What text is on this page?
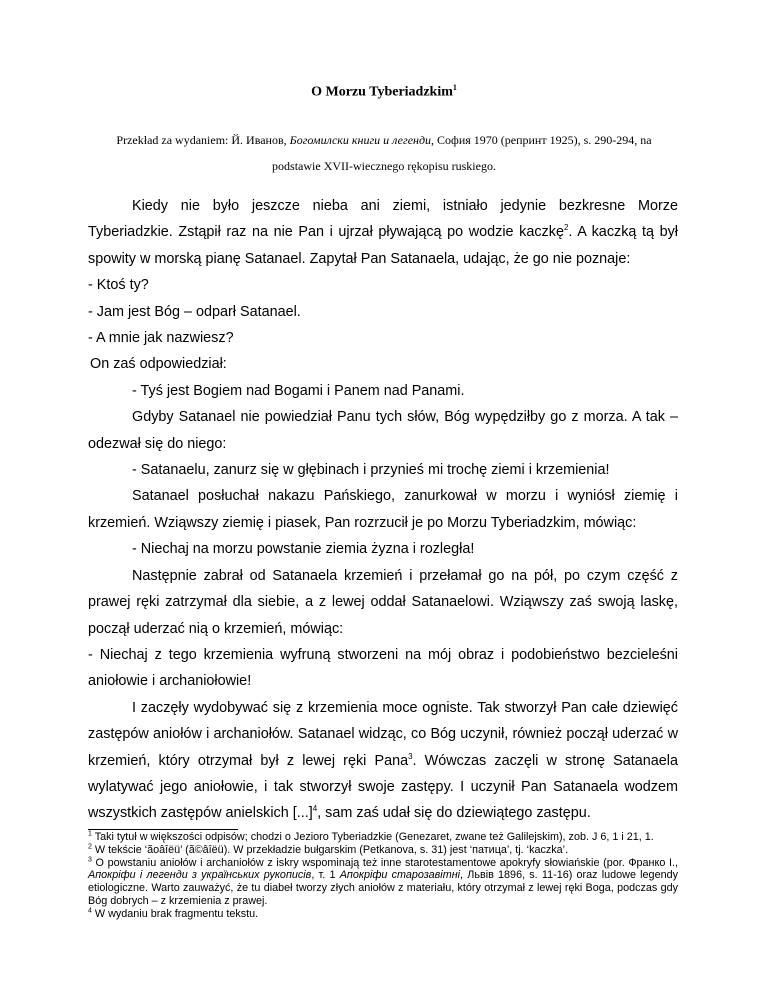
O Morzu Tyberiadzkim$^1$
Przekład za wydaniem: Й. Иванов, Богомилски книги и легенди, София 1970 (репринт 1925), s. 290-294, na podstawie XVII-wiecznego rękopisu ruskiego.

Kiedy nie było jeszcze nieba ani ziemi, istniało jedynie bezkresne Morze Tyberiadzkie. Zstąpił raz na nie Pan i ujrzał pływającą po wodzie kaczkę$^2$. A kaczką tą był spowity w morską pianę Satanael. Zapytał Pan Satanaela, udając, że go nie poznaje:

- Ktoś ty?

- Jam jest Bóg – odparł Satanael.

- A mnie jak nazwiesz?

On zaś odpowiedział:

- Tyś jest Bogiem nad Bogami i Panem nad Panami.

Gdyby Satanael nie powiedział Panu tych słów, Bóg wypędziłby go z morza. A tak – odezwał się do niego:

- Satanaelu, zanurz się w głębinach i przynieś mi trochę ziemi i krzemienia!

Satanael posłuchał nakazu Pańskiego, zanurkował w morzu i wyniósł ziemię i krzemień. Wziąwszy ziemię i piasek, Pan rozrzucił je po Morzu Tyberiadzkim, mówiąc:

- Niechaj na morzu powstanie ziemia żyzna i rozległa!

Następnie zabrał od Satanaela krzemień i przełamał go na pół, po czym część z prawej ręki zatrzymał dla siebie, a z lewej oddał Satanaelowi. Wziąwszy zaś swoją laskę, począł uderzać nią o krzemień, mówiąc:

- Niechaj z tego krzemienia wyfruną stworzeni na mój obraz i podobieństwo bezcieleśni aniołowie i archaniołowie!

I zaczęły wydobywać się z krzemienia moce ogniste. Tak stworzył Pan całe dziewięć zastępów aniołów i archaniołów. Satanael widząc, co Bóg uczynił, również począł uderzać w krzemień, który otrzymał był z lewej ręki Pana$^3$. Wówczas zaczęli w stronę Satanaela wylatywać jego aniołowie, i tak stworzył swoje zastępy. I uczynił Pan Satanaela wodzem wszystkich zastępów anielskich [...]$^4$, sam zaś udał się do dziewiątego zastępu.

$^1$ Taki tytuł w większości odpisów; chodzi o Jezioro Tyberiadzkie (Genezaret, zwane też Galilejskim), zob. J 6, 1 i 21, 1.

$^2$ W tekście ‘ãoâîëü’ (ã©âîëü). W przekładzie bułgarskim (Petkanova, s. 31) jest ‘патица’, tj. ‘kaczka’.

$^3$ O powstaniu aniołów i archaniołów z iskry wspominają też inne starotestamentowe apokryfy słowiańskie (por. Франко І., Апокріфи і легенди з українських рукописів, т. 1 Апокріфи старозавітні, Львів 1896, s. 11-16) oraz ludowe legendy etiologiczne. Warto zauważyć, że tu diabeł tworzy złych aniołów z materiału, który otrzymał z lewej ręki Boga, podczas gdy Bóg dobrych – z krzemienia z prawej.

$^4$ W wydaniu brak fragmentu tekstu.
